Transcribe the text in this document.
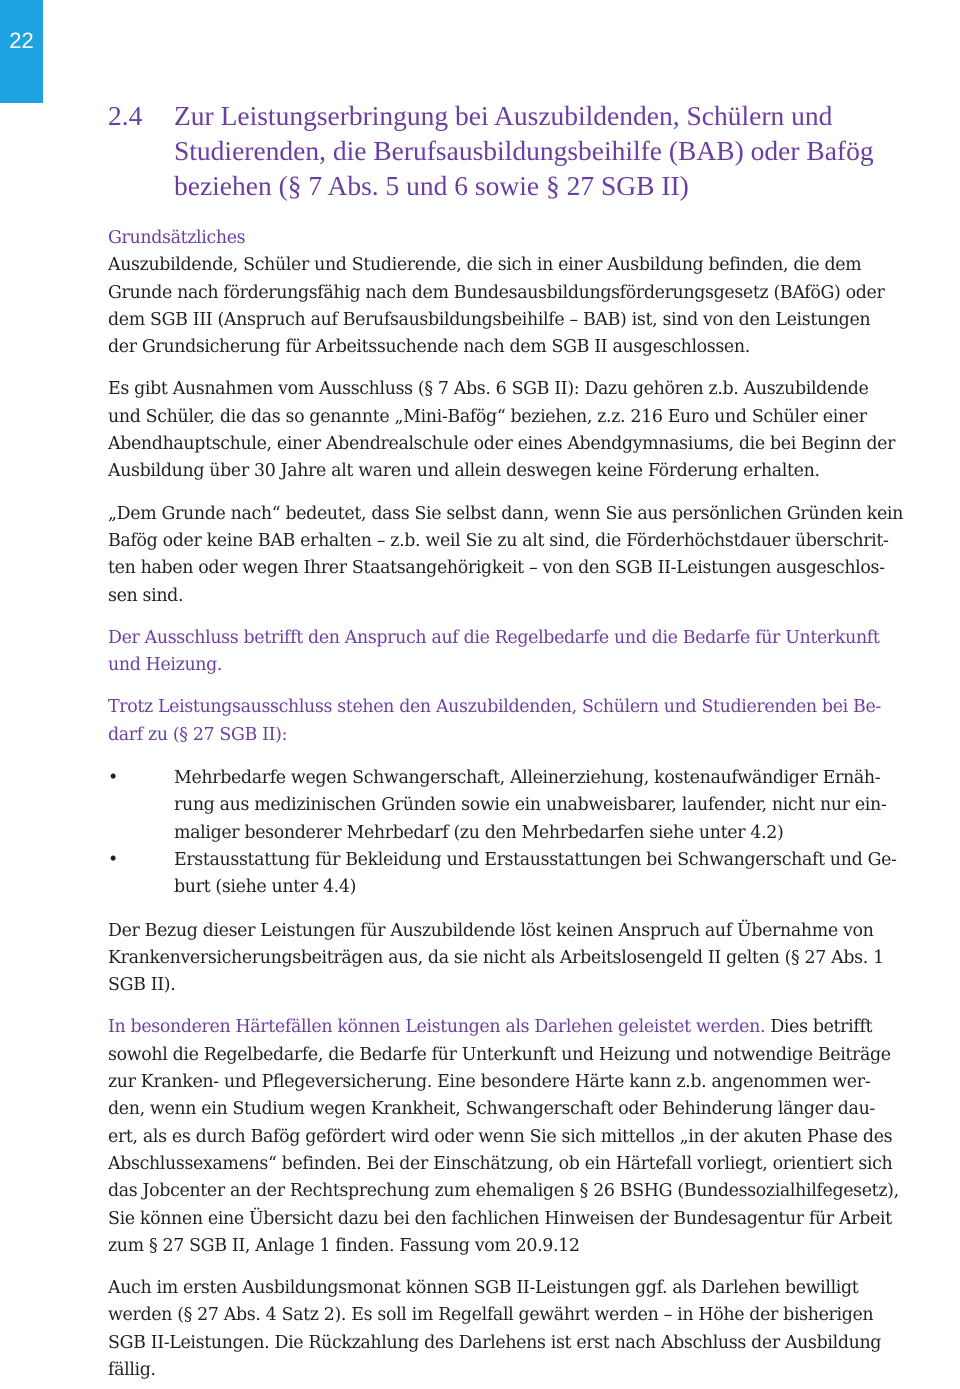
22
2.4	Zur Leistungserbringung bei Auszubildenden, Schülern und
Studierenden, die Berufsausbildungsbeihilfe (BAB) oder Bafög
beziehen (§ 7 Abs. 5 und 6 sowie § 27 SGB II)

Grundsätzliches

Auszubildende, Schüler und Studierende, die sich in einer Ausbildung befinden, die dem
Grunde nach förderungsfähig nach dem Bundesausbildungsförderungsgesetz (BAföG) oder
dem SGB III (Anspruch auf Berufsausbildungsbeihilfe – BAB) ist, sind von den Leistungen
der Grundsicherung für Arbeitssuchende nach dem SGB II ausgeschlossen.

Es gibt Ausnahmen vom Ausschluss (§ 7 Abs. 6 SGB II): Dazu gehören z.b. Auszubildende
und Schüler, die das so genannte „Mini-Bafög“ beziehen, z.z. 216 Euro und Schüler einer
Abendhauptschule, einer Abendrealschule oder eines Abendgymnasiums, die bei Beginn der
Ausbildung über 30 Jahre alt waren und allein deswegen keine Förderung erhalten.

„Dem Grunde nach“ bedeutet, dass Sie selbst dann, wenn Sie aus persönlichen Gründen kein
Bafög oder keine BAB erhalten – z.b. weil Sie zu alt sind, die Förderhöchstdauer überschrit-
ten haben oder wegen Ihrer Staatsangehörigkeit – von den SGB II-Leistungen ausgeschlos-
sen sind.

Der Ausschluss betrifft den Anspruch auf die Regelbedarfe und die Bedarfe für Unterkunft
und Heizung.

Trotz Leistungsausschluss stehen den Auszubildenden, Schülern und Studierenden bei Be-
darf zu (§ 27 SGB II):

•	Mehrbedarfe wegen Schwangerschaft, Alleinerziehung, kostenaufwändiger Ernäh-
rung aus medizinischen Gründen sowie ein unabweisbarer, laufender, nicht nur ein-
maliger besonderer Mehrbedarf (zu den Mehrbedarfen siehe unter 4.2)
•	Erstausstattung für Bekleidung und Erstausstattungen bei Schwangerschaft und Ge-
burt (siehe unter 4.4)

Der Bezug dieser Leistungen für Auszubildende löst keinen Anspruch auf Übernahme von
Krankenversicherungsbeiträgen aus, da sie nicht als Arbeitslosengeld II gelten (§ 27 Abs. 1
SGB II).

In besonderen Härtefällen können Leistungen als Darlehen geleistet werden. Dies betrifft
sowohl die Regelbedarfe, die Bedarfe für Unterkunft und Heizung und notwendige Beiträge
zur Kranken- und Pflegeversicherung. Eine besondere Härte kann z.b. angenommen wer-
den, wenn ein Studium wegen Krankheit, Schwangerschaft oder Behinderung länger dau-
ert, als es durch Bafög gefördert wird oder wenn Sie sich mittellos „in der akuten Phase des
Abschlussexamens“ befinden. Bei der Einschätzung, ob ein Härtefall vorliegt, orientiert sich
das Jobcenter an der Rechtsprechung zum ehemaligen § 26 BSHG (Bundessozialhilfegesetz),
Sie können eine Übersicht dazu bei den fachlichen Hinweisen der Bundesagentur für Arbeit
zum § 27 SGB II, Anlage 1 finden. Fassung vom 20.9.12

Auch im ersten Ausbildungsmonat können SGB II-Leistungen ggf. als Darlehen bewilligt
werden (§ 27 Abs. 4 Satz 2). Es soll im Regelfall gewährt werden – in Höhe der bisherigen
SGB II-Leistungen. Die Rückzahlung des Darlehens ist erst nach Abschluss der Ausbildung
fällig.
